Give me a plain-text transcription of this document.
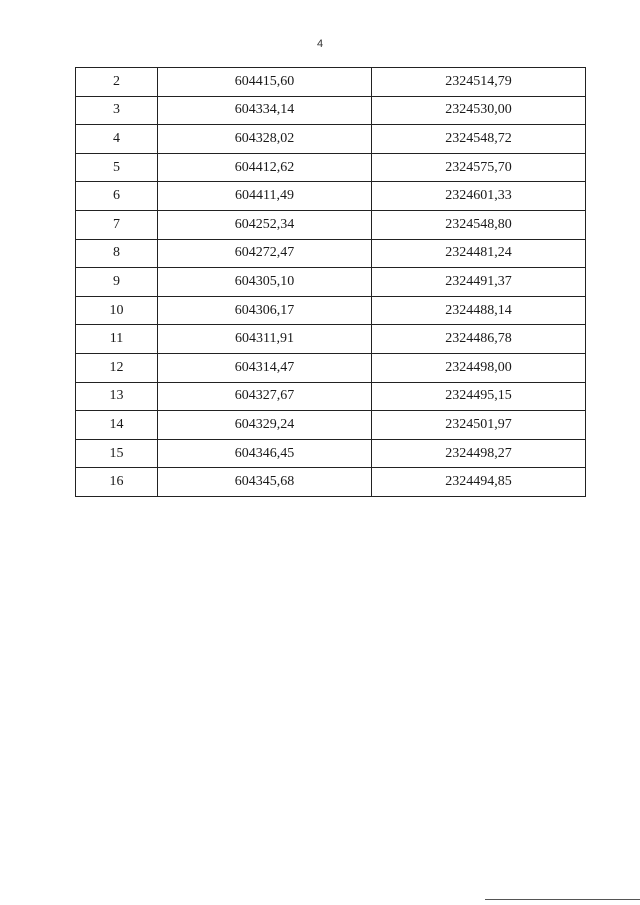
4
2	604415,60	2324514,79
3	604334,14	2324530,00
4	604328,02	2324548,72
5	604412,62	2324575,70
6	604411,49	2324601,33
7	604252,34	2324548,80
8	604272,47	2324481,24
9	604305,10	2324491,37
10	604306,17	2324488,14
11	604311,91	2324486,78
12	604314,47	2324498,00
13	604327,67	2324495,15
14	604329,24	2324501,97
15	604346,45	2324498,27
16	604345,68	2324494,85
